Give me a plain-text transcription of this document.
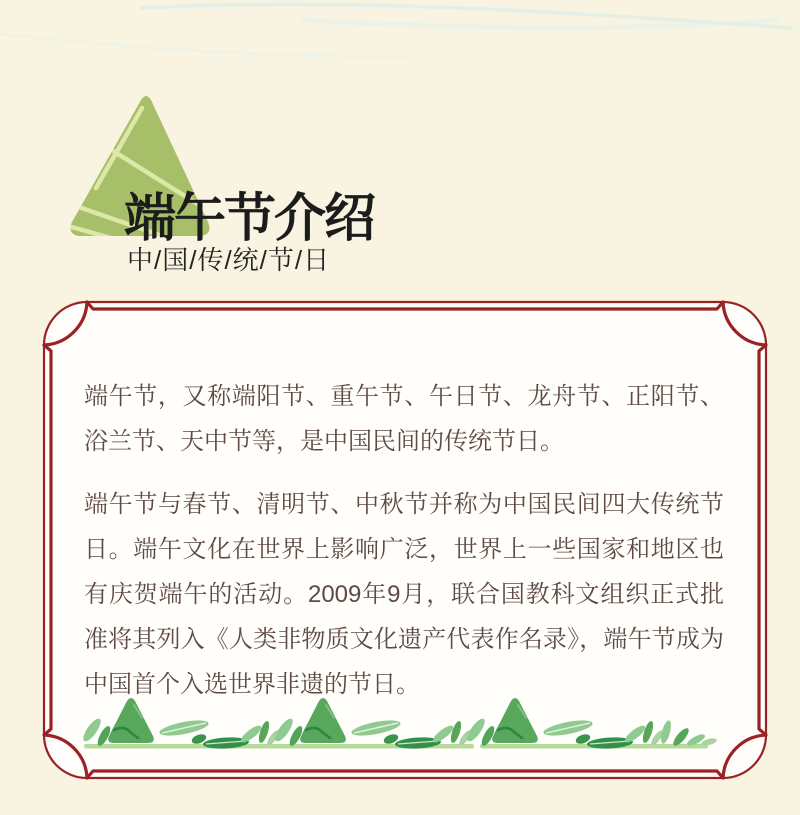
端午节介绍
中/国/传/统/节/日

端午节，又称端阳节、重午节、午日节、龙舟节、正阳节、浴兰节、天中节等，是中国民间的传统节日。

端午节与春节、清明节、中秋节并称为中国民间四大传统节日。端午文化在世界上影响广泛，世界上一些国家和地区也有庆贺端午的活动。2009年9月，联合国教科文组织正式批准将其列入《人类非物质文化遗产代表作名录》，端午节成为中国首个入选世界非遗的节日。
